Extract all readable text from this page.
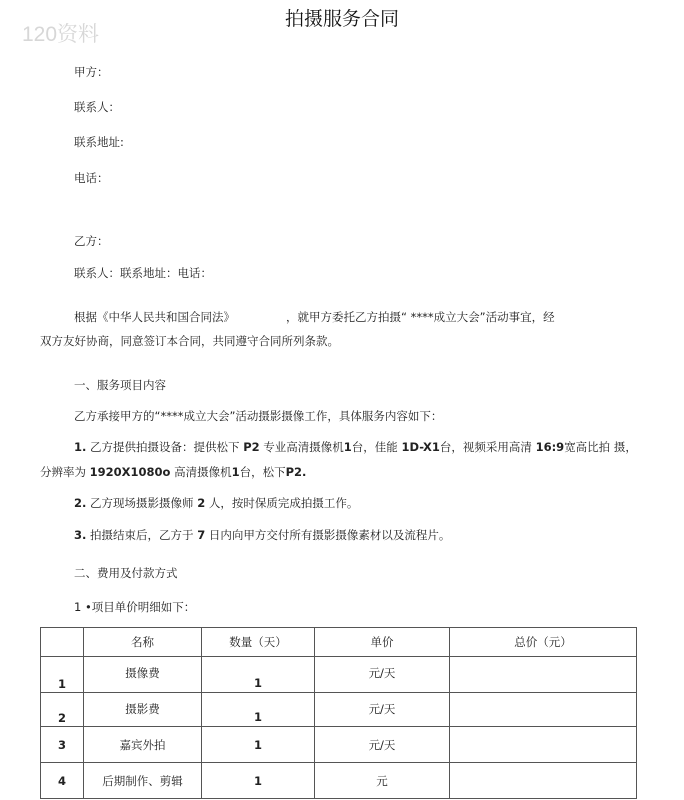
120资料
拍摄服务合同
甲方：
联系人：
联系地址:
电话：
乙方：
联系人：联系地址：电话：
根据《中华人民共和国合同法》	，就甲方委托乙方拍摄“ ****成立大会”活动事宜，经
双方友好协商，同意签订本合同，共同遵守合同所列条款。
一、服务项目内容
乙方承接甲方的“****成立大会”活动摄影摄像工作，具体服务内容如下：
1. 乙方提供拍摄设备：提供松下 P2 专业高清摄像机1台，佳能 1D-X1台，视频采用高清 16:9宽高比拍 摄，
分辨率为 1920X1080o 高清摄像机1台，松下P2.
2. 乙方现场摄影摄像师 2 人，按时保质完成拍摄工作。
3. 拍摄结束后，乙方于 7 日内向甲方交付所有摄影摄像素材以及流程片。
二、费用及付款方式
1 •项目单价明细如下：
	名称	数量（天）	单价	总价（元）
1	摄像费	1	元/天	
2	摄影费	1	元/天	
3	嘉宾外拍	1	元/天	
4	后期制作、剪辑	1	元	
